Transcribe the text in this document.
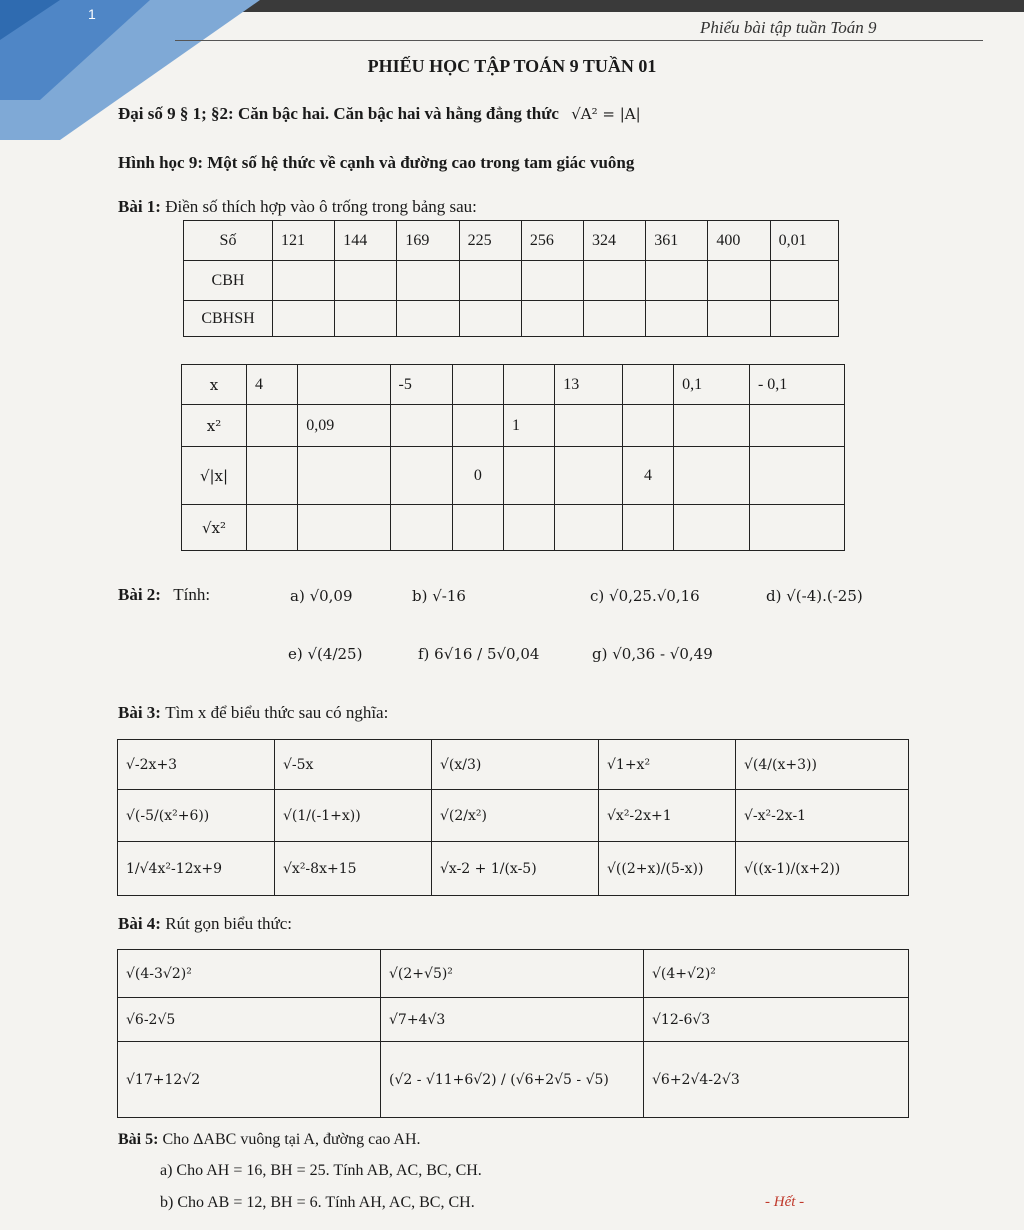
1
Phiếu bài tập tuần Toán 9
PHIẾU HỌC TẬP TOÁN 9 TUẦN 01
Đại số 9 § 1; §2: Căn bậc hai. Căn bậc hai và hằng đẳng thức √A² = |A|
Hình học 9: Một số hệ thức về cạnh và đường cao trong tam giác vuông
Bài 1: Điền số thích hợp vào ô trống trong bảng sau:
Số	121	144	169	225	256	324	361	400	0,01
CBH									
CBHSH									
x	4		-5			13		0,1	- 0,1
x²		0,09			1				
√|x|				0			4		
√x²									
Bài 2: Tính:	a) √0,09	b) √-16	c) √0,25.√0,16	d) √(-4).(-25)
e) √(4/25)	f) 6√16 / 5√0,04	g) √0,36 - √0,49
Bài 3: Tìm x để biểu thức sau có nghĩa:
√-2x+3	√-5x	√(x/3)	√1+x²	√(4/(x+3))
√(-5/(x²+6))	√(1/(-1+x))	√(2/x²)	√x²-2x+1	√-x²-2x-1
1/√4x²-12x+9	√x²-8x+15	√x-2 + 1/(x-5)	√((2+x)/(5-x))	√((x-1)/(x+2))
Bài 4: Rút gọn biểu thức:
√(4-3√2)²	√(2+√5)²	√(4+√2)²
√6-2√5	√7+4√3	√12-6√3
√17+12√2	(√2 - √11+6√2) / (√6+2√5 - √5)	√6+2√4-2√3
Bài 5: Cho ΔABC vuông tại A, đường cao AH.
a) Cho AH = 16, BH = 25. Tính AB, AC, BC, CH.
b) Cho AB = 12, BH = 6. Tính AH, AC, BC, CH.	- Hết -
